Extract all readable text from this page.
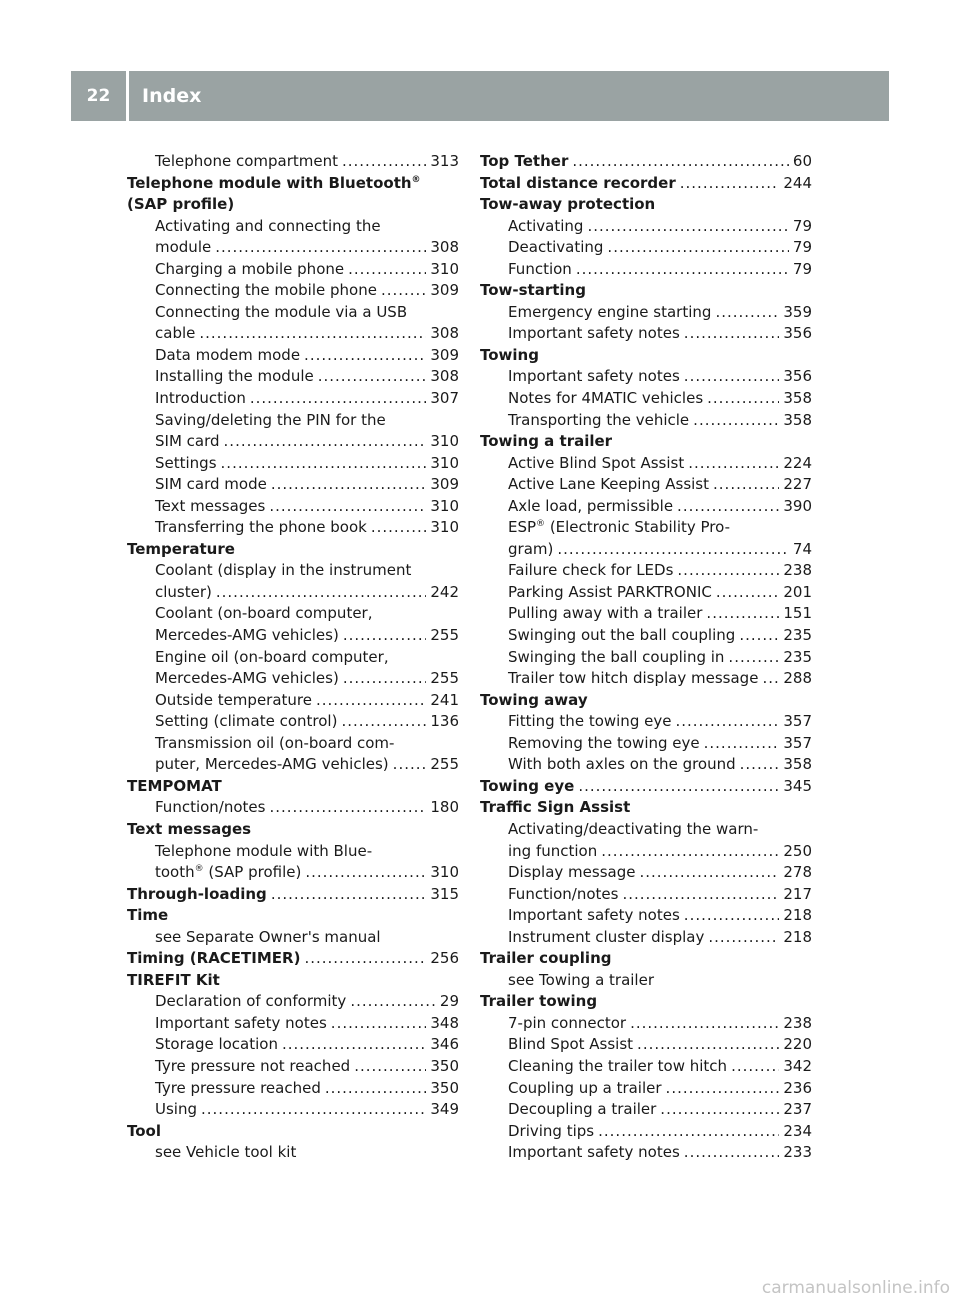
22	Index
Telephone compartment .....	313
Telephone module with Bluetooth®
(SAP profile)
Activating and connecting the
module .....	308
Charging a mobile phone .....	310
Connecting the mobile phone .....	309
Connecting the module via a USB
cable .....	308
Data modem mode .....	309
Installing the module .....	308
Introduction .....	307
Saving/deleting the PIN for the
SIM card .....	310
Settings .....	310
SIM card mode .....	309
Text messages .....	310
Transferring the phone book .....	310
Temperature
Coolant (display in the instrument
cluster) .....	242
Coolant (on-board computer,
Mercedes-AMG vehicles) .....	255
Engine oil (on-board computer,
Mercedes-AMG vehicles) .....	255
Outside temperature .....	241
Setting (climate control) .....	136
Transmission oil (on-board com-
puter, Mercedes-AMG vehicles) .....	255
TEMPOMAT
Function/notes .....	180
Text messages
Telephone module with Blue-
tooth® (SAP profile) .....	310
Through-loading .....	315
Time
see Separate Owner's manual
Timing (RACETIMER) .....	256
TIREFIT Kit
Declaration of conformity .....	29
Important safety notes .....	348
Storage location .....	346
Tyre pressure not reached .....	350
Tyre pressure reached .....	350
Using .....	349
Tool
see Vehicle tool kit
Top Tether .....	60
Total distance recorder .....	244
Tow-away protection
Activating .....	79
Deactivating .....	79
Function .....	79
Tow-starting
Emergency engine starting .....	359
Important safety notes .....	356
Towing
Important safety notes .....	356
Notes for 4MATIC vehicles .....	358
Transporting the vehicle .....	358
Towing a trailer
Active Blind Spot Assist .....	224
Active Lane Keeping Assist .....	227
Axle load, permissible .....	390
ESP® (Electronic Stability Pro-
gram) .....	74
Failure check for LEDs .....	238
Parking Assist PARKTRONIC .....	201
Pulling away with a trailer .....	151
Swinging out the ball coupling .....	235
Swinging the ball coupling in .....	235
Trailer tow hitch display message ..... 288
Towing away
Fitting the towing eye .....	357
Removing the towing eye .....	357
With both axles on the ground .....	358
Towing eye .....	345
Traffic Sign Assist
Activating/deactivating the warn-
ing function .....	250
Display message .....	278
Function/notes .....	217
Important safety notes .....	218
Instrument cluster display .....	218
Trailer coupling
see Towing a trailer
Trailer towing
7-pin connector .....	238
Blind Spot Assist .....	220
Cleaning the trailer tow hitch .....	342
Coupling up a trailer .....	236
Decoupling a trailer .....	237
Driving tips .....	234
Important safety notes .....	233
carmanualsonline.info
